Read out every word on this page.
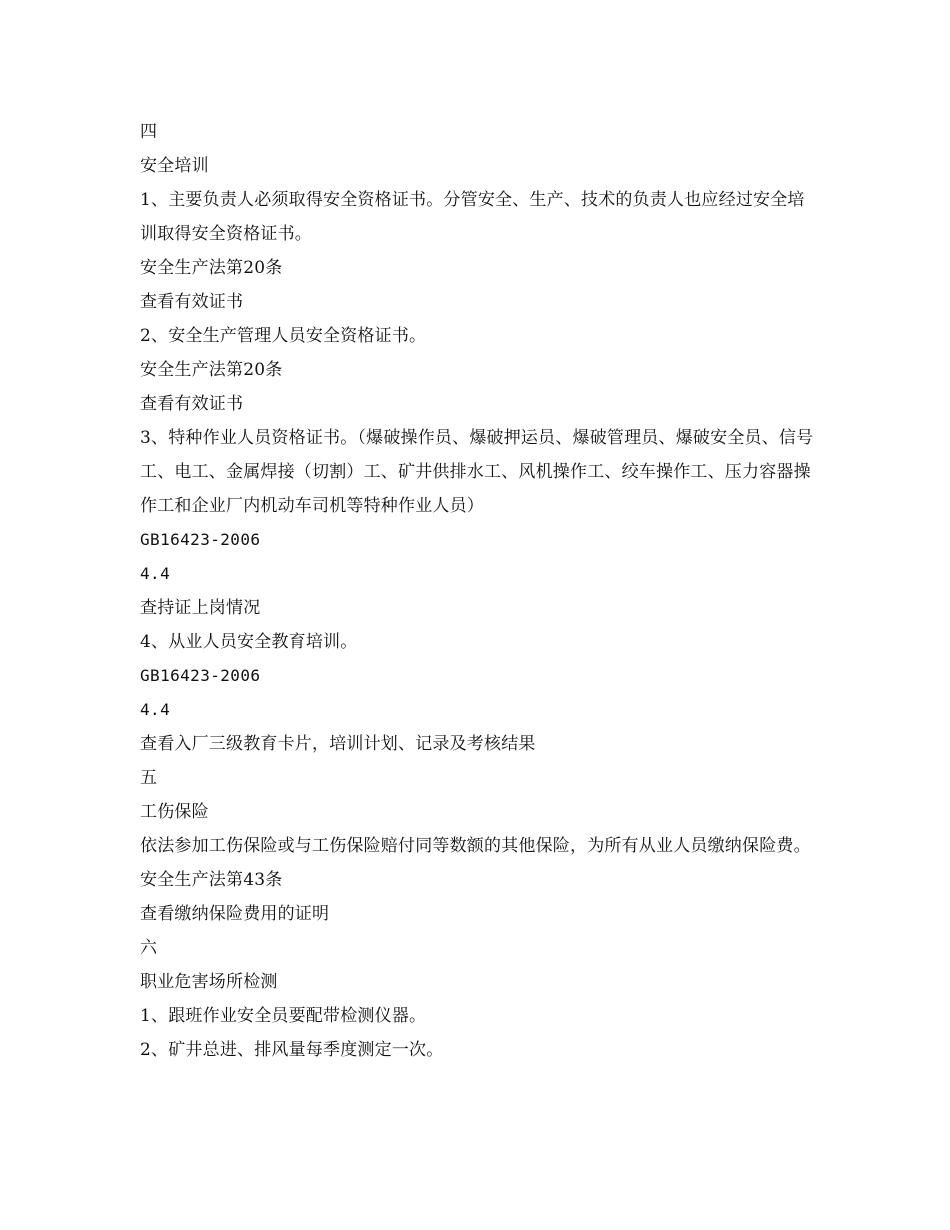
四

安全培训

1、主要负责人必须取得安全资格证书。分管安全、生产、技术的负责人也应经过安全培训取得安全资格证书。

安全生产法第20条

查看有效证书

2、安全生产管理人员安全资格证书。

安全生产法第20条

查看有效证书

3、特种作业人员资格证书。（爆破操作员、爆破押运员、爆破管理员、爆破安全员、信号工、电工、金属焊接（切割）工、矿井供排水工、风机操作工、绞车操作工、压力容器操作工和企业厂内机动车司机等特种作业人员）

GB16423-2006

4.4

查持证上岗情况

4、从业人员安全教育培训。

GB16423-2006

4.4

查看入厂三级教育卡片，培训计划、记录及考核结果

五

工伤保险

依法参加工伤保险或与工伤保险赔付同等数额的其他保险，为所有从业人员缴纳保险费。

安全生产法第43条

查看缴纳保险费用的证明

六

职业危害场所检测

1、跟班作业安全员要配带检测仪器。

2、矿井总进、排风量每季度测定一次。
